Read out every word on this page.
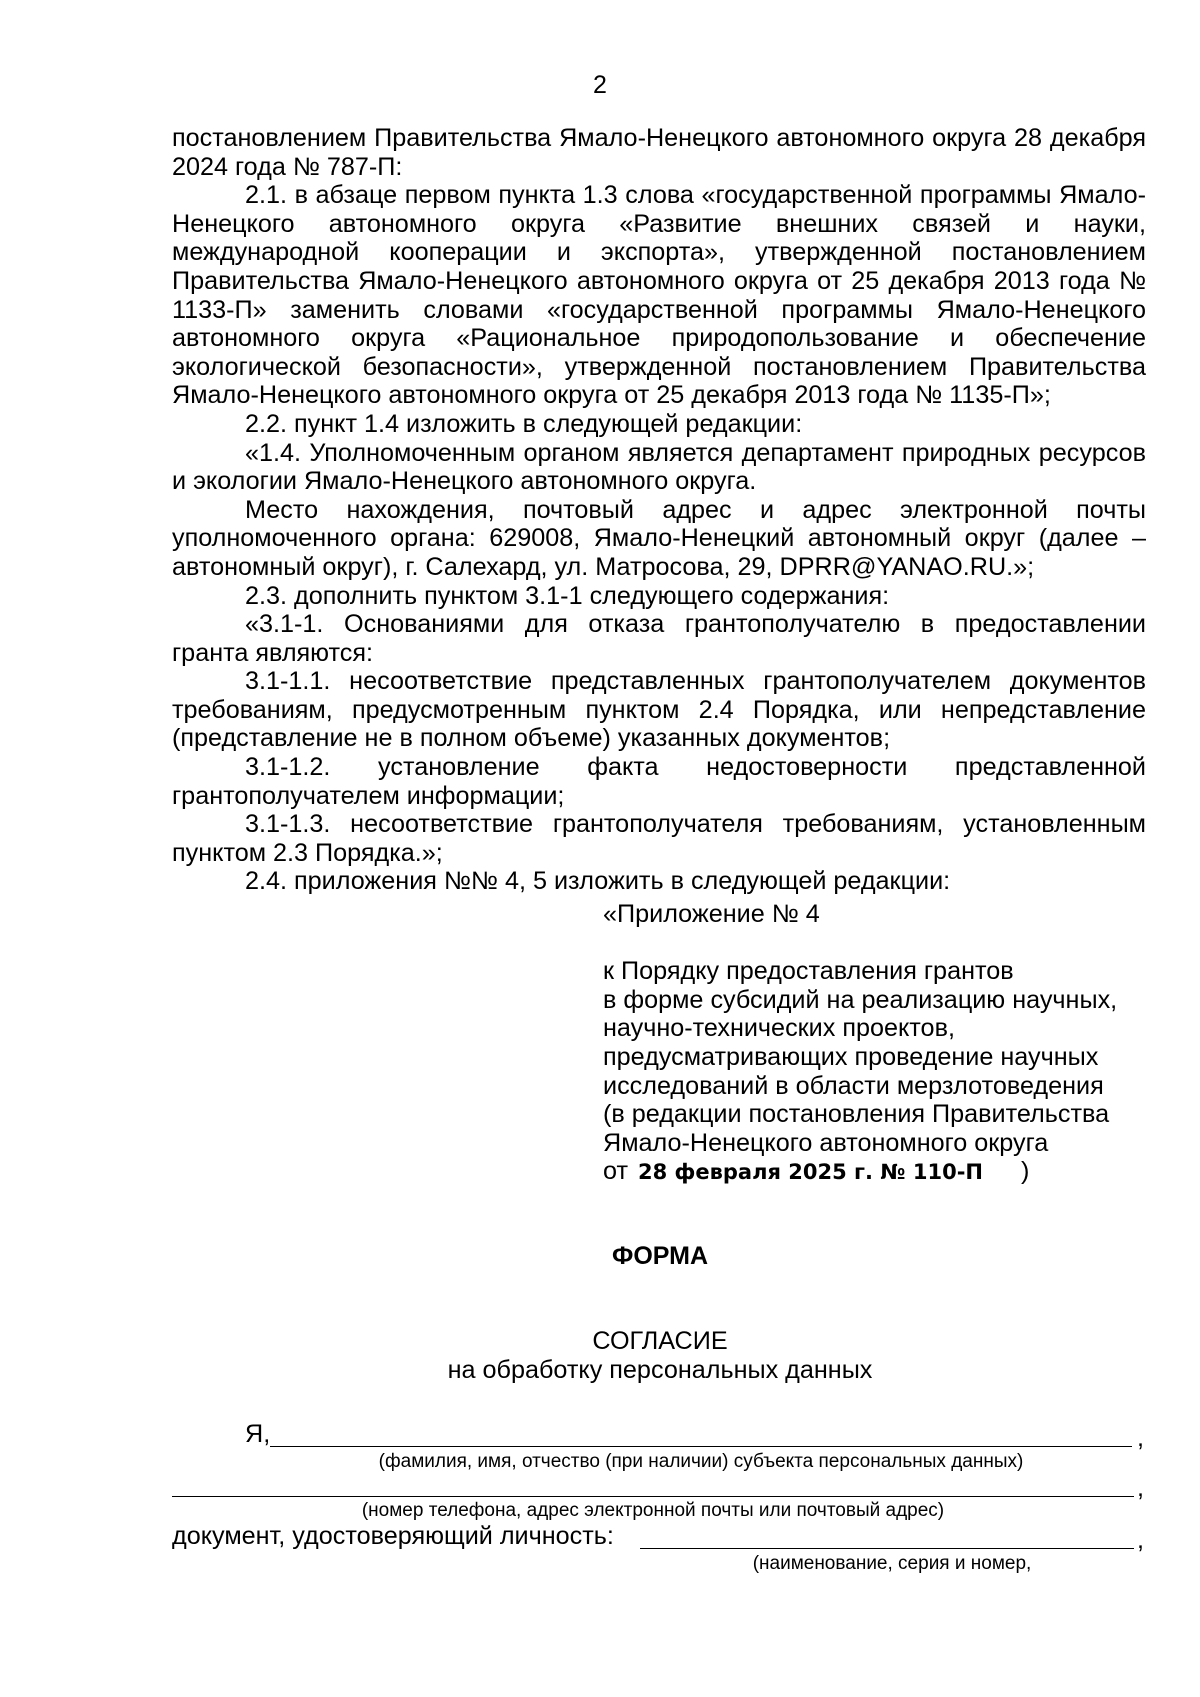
2

постановлением Правительства Ямало-Ненецкого автономного округа 28 декабря 2024 года № 787-П:

2.1. в абзаце первом пункта 1.3 слова «государственной программы Ямало-Ненецкого автономного округа «Развитие внешних связей и науки, международной кооперации и экспорта», утвержденной постановлением Правительства Ямало-Ненецкого автономного округа от 25 декабря 2013 года № 1133-П» заменить словами «государственной программы Ямало-Ненецкого автономного округа «Рациональное природопользование и обеспечение экологической безопасности», утвержденной постановлением Правительства Ямало-Ненецкого автономного округа от 25 декабря 2013 года № 1135-П»;

2.2. пункт 1.4 изложить в следующей редакции:

«1.4. Уполномоченным органом является департамент природных ресурсов и экологии Ямало-Ненецкого автономного округа.

Место нахождения, почтовый адрес и адрес электронной почты уполномоченного органа: 629008, Ямало-Ненецкий автономный округ (далее – автономный округ), г. Салехард, ул. Матросова, 29, DPRR@YANAO.RU.»;

2.3. дополнить пунктом 3.1-1 следующего содержания:

«3.1-1. Основаниями для отказа грантополучателю в предоставлении гранта являются:

3.1-1.1. несоответствие представленных грантополучателем документов требованиям, предусмотренным пунктом 2.4 Порядка, или непредставление (представление не в полном объеме) указанных документов;

3.1-1.2. установление факта недостоверности представленной грантополучателем информации;

3.1-1.3. несоответствие грантополучателя требованиям, установленным пунктом 2.3 Порядка.»;

2.4. приложения №№ 4, 5 изложить в следующей редакции:

«Приложение № 4

к Порядку предоставления грантов

в форме субсидий на реализацию научных,

научно-технических проектов,

предусматривающих проведение научных

исследований в области мерзлотоведения

(в редакции постановления Правительства

Ямало-Ненецкого автономного округа

от 28 февраля 2025 г. № 110-П )

ФОРМА
СОГЛАСИЕ
на обработку персональных данных
Я,	,
(фамилия, имя, отчество (при наличии) субъекта персональных данных)
,
(номер телефона, адрес электронной почты или почтовый адрес)
документ, удостоверяющий личность:	,
(наименование, серия и номер,
